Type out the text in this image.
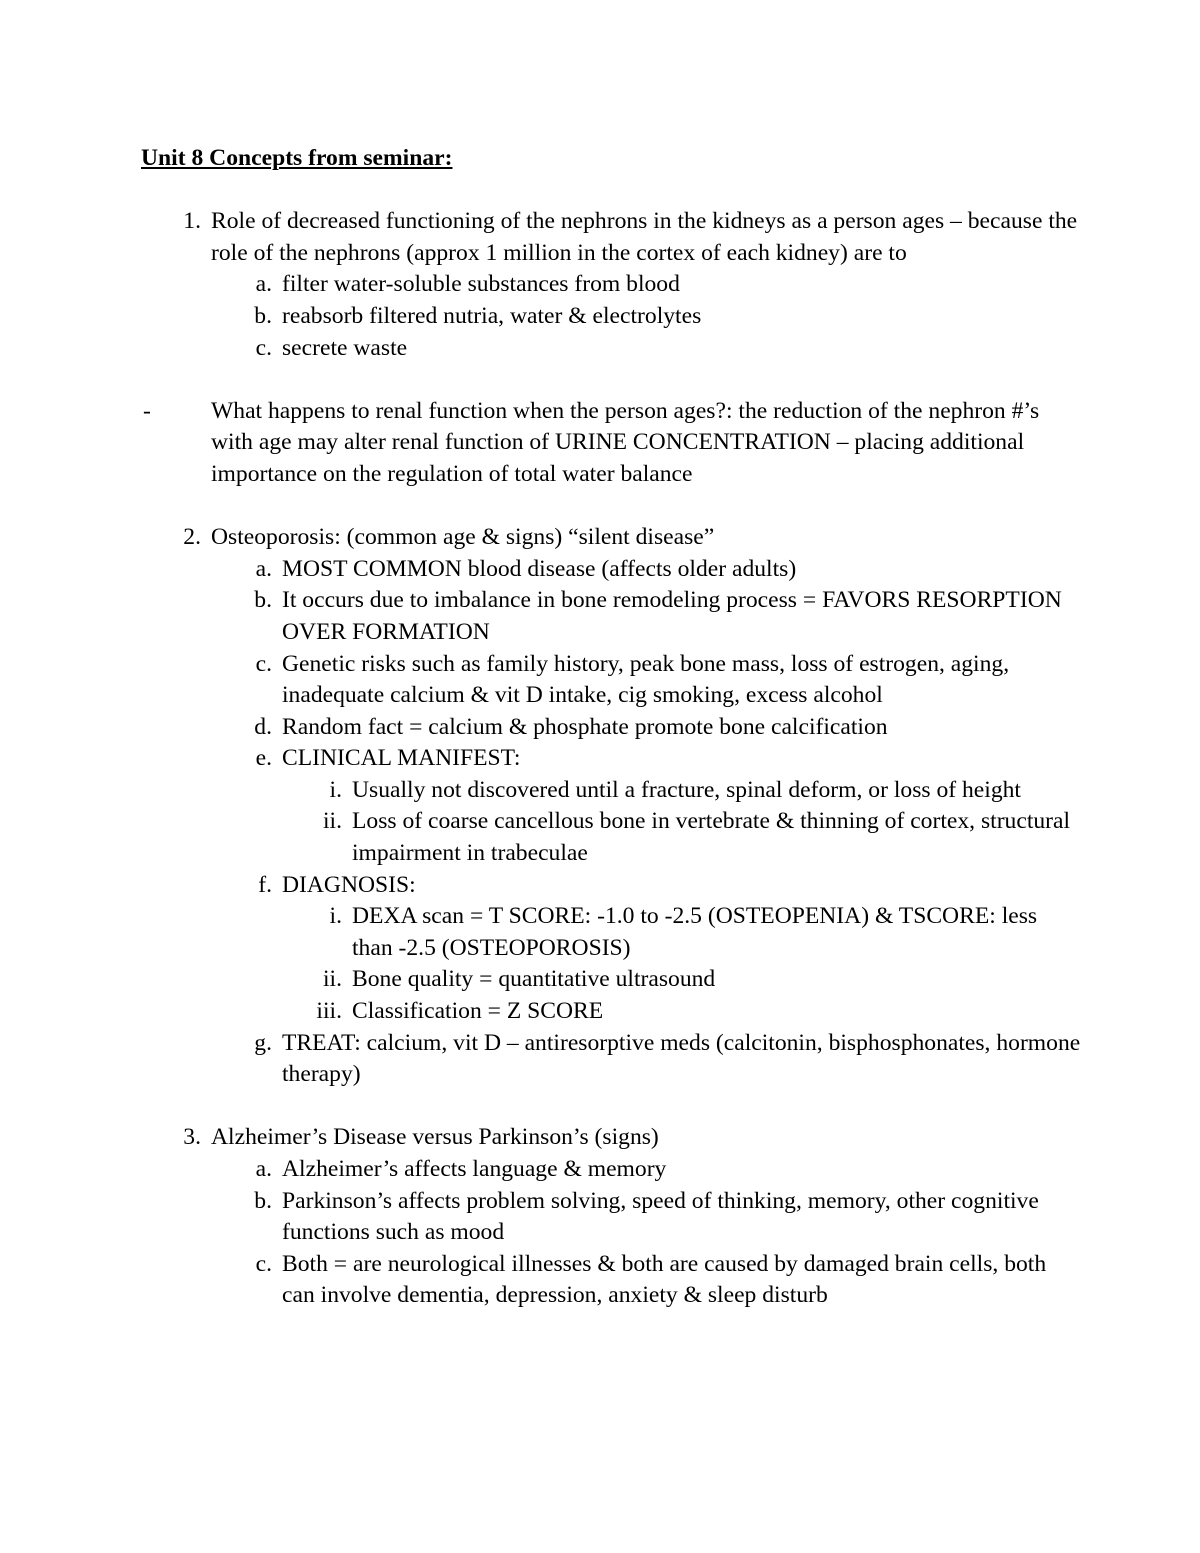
Unit 8 Concepts from seminar:
1. Role of decreased functioning of the nephrons in the kidneys as a person ages – because the role of the nephrons (approx 1 million in the cortex of each kidney) are to
a. filter water-soluble substances from blood
b. reabsorb filtered nutria, water & electrolytes
c. secrete waste
-	What happens to renal function when the person ages?: the reduction of the nephron #’s with age may alter renal function of URINE CONCENTRATION – placing additional importance on the regulation of total water balance
2. Osteoporosis: (common age & signs) “silent disease”
a. MOST COMMON blood disease (affects older adults)
b. It occurs due to imbalance in bone remodeling process = FAVORS RESORPTION OVER FORMATION
c. Genetic risks such as family history, peak bone mass, loss of estrogen, aging, inadequate calcium & vit D intake, cig smoking, excess alcohol
d. Random fact = calcium & phosphate promote bone calcification
e. CLINICAL MANIFEST:
i. Usually not discovered until a fracture, spinal deform, or loss of height
ii. Loss of coarse cancellous bone in vertebrate & thinning of cortex, structural impairment in trabeculae
f. DIAGNOSIS:
i. DEXA scan = T SCORE: -1.0 to -2.5 (OSTEOPENIA) & TSCORE: less than -2.5 (OSTEOPOROSIS)
ii. Bone quality = quantitative ultrasound
iii. Classification = Z SCORE
g. TREAT: calcium, vit D – antiresorptive meds (calcitonin, bisphosphonates, hormone therapy)
3. Alzheimer’s Disease versus Parkinson’s (signs)
a. Alzheimer’s affects language & memory
b. Parkinson’s affects problem solving, speed of thinking, memory, other cognitive functions such as mood
c. Both = are neurological illnesses & both are caused by damaged brain cells, both can involve dementia, depression, anxiety & sleep disturb
